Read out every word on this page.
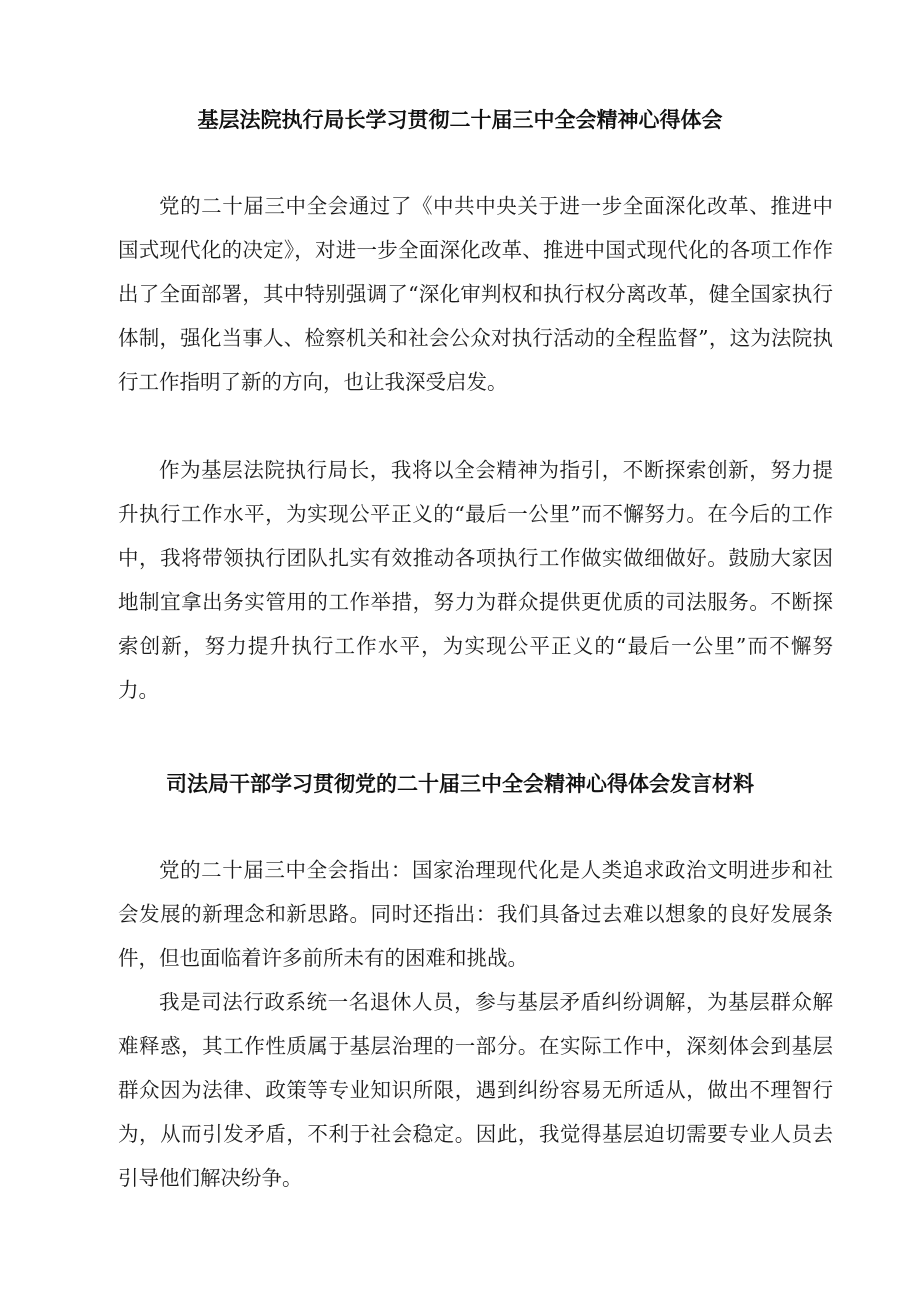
基层法院执行局长学习贯彻二十届三中全会精神心得体会

党的二十届三中全会通过了《中共中央关于进一步全面深化改革、推进中国式现代化的决定》，对进一步全面深化改革、推进中国式现代化的各项工作作出了全面部署，其中特别强调了“深化审判权和执行权分离改革，健全国家执行体制，强化当事人、检察机关和社会公众对执行活动的全程监督”，这为法院执行工作指明了新的方向，也让我深受启发。

作为基层法院执行局长，我将以全会精神为指引，不断探索创新，努力提升执行工作水平，为实现公平正义的“最后一公里”而不懈努力。在今后的工作中，我将带领执行团队扎实有效推动各项执行工作做实做细做好。鼓励大家因地制宜拿出务实管用的工作举措，努力为群众提供更优质的司法服务。不断探索创新，努力提升执行工作水平，为实现公平正义的“最后一公里”而不懈努力。

司法局干部学习贯彻党的二十届三中全会精神心得体会发言材料

党的二十届三中全会指出：国家治理现代化是人类追求政治文明进步和社会发展的新理念和新思路。同时还指出：我们具备过去难以想象的良好发展条件，但也面临着许多前所未有的困难和挑战。

我是司法行政系统一名退休人员，参与基层矛盾纠纷调解，为基层群众解难释惑，其工作性质属于基层治理的一部分。在实际工作中，深刻体会到基层群众因为法律、政策等专业知识所限，遇到纠纷容易无所适从，做出不理智行为，从而引发矛盾，不利于社会稳定。因此，我觉得基层迫切需要专业人员去引导他们解决纷争。
